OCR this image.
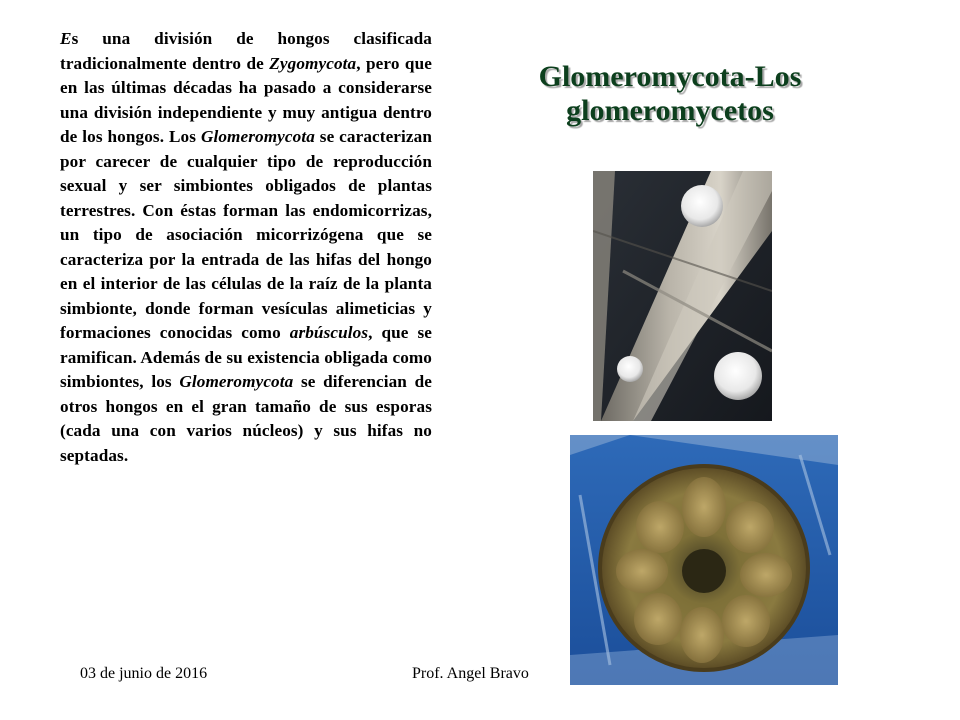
Es una división de hongos clasificada tradicionalmente dentro de Zygomycota, pero que en las últimas décadas ha pasado a considerarse una división independiente y muy antigua dentro de los hongos. Los Glomeromycota se caracterizan por carecer de cualquier tipo de reproducción sexual y ser simbiontes obligados de plantas terrestres. Con éstas forman las endomicorrizas, un tipo de asociación micorrizógena que se caracteriza por la entrada de las hifas del hongo en el interior de las células de la raíz de la planta simbionte, donde forman vesículas alimeticias y formaciones conocidas como arbúsculos, que se ramifican. Además de su existencia obligada como simbiontes, los Glomeromycota se diferencian de otros hongos en el gran tamaño de sus esporas (cada una con varios núcleos) y sus hifas no septadas.
Glomeromycota-Los glomeromycetos
03 de junio de 2016	Prof. Angel Bravo
